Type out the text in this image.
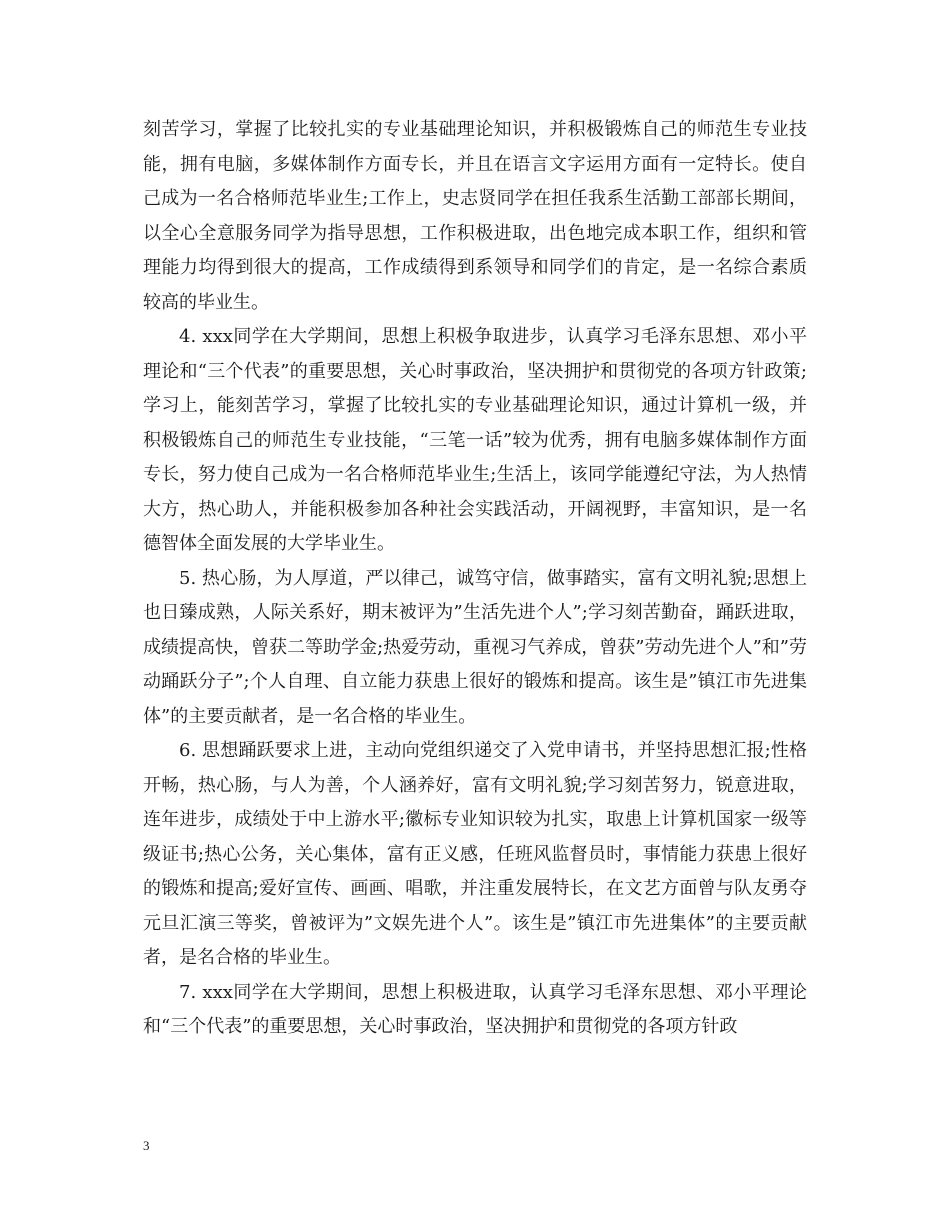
刻苦学习，掌握了比较扎实的专业基础理论知识，并积极锻炼自己的师范生专业技能，拥有电脑，多媒体制作方面专长，并且在语言文字运用方面有一定特长。使自己成为一名合格师范毕业生;工作上，史志贤同学在担任我系生活勤工部部长期间，以全心全意服务同学为指导思想，工作积极进取，出色地完成本职工作，组织和管理能力均得到很大的提高，工作成绩得到系领导和同学们的肯定，是一名综合素质较高的毕业生。

4. xxx同学在大学期间，思想上积极争取进步，认真学习毛泽东思想、邓小平理论和“三个代表”的重要思想，关心时事政治，坚决拥护和贯彻党的各项方针政策;学习上，能刻苦学习，掌握了比较扎实的专业基础理论知识，通过计算机一级，并积极锻炼自己的师范生专业技能，“三笔一话”较为优秀，拥有电脑多媒体制作方面专长，努力使自己成为一名合格师范毕业生;生活上，该同学能遵纪守法，为人热情大方，热心助人，并能积极参加各种社会实践活动，开阔视野，丰富知识，是一名德智体全面发展的大学毕业生。

5. 热心肠，为人厚道，严以律己，诚笃守信，做事踏实，富有文明礼貌;思想上也日臻成熟，人际关系好，期末被评为”生活先进个人”;学习刻苦勤奋，踊跃进取，成绩提高快，曾获二等助学金;热爱劳动，重视习气养成，曾获”劳动先进个人”和”劳动踊跃分子”;个人自理、自立能力获患上很好的锻炼和提高。该生是”镇江市先进集体”的主要贡献者，是一名合格的毕业生。

6. 思想踊跃要求上进，主动向党组织递交了入党申请书，并坚持思想汇报;性格开畅，热心肠，与人为善，个人涵养好，富有文明礼貌;学习刻苦努力，锐意进取，连年进步，成绩处于中上游水平;徽标专业知识较为扎实，取患上计算机国家一级等级证书;热心公务，关心集体，富有正义感，任班风监督员时，事情能力获患上很好的锻炼和提高;爱好宣传、画画、唱歌，并注重发展特长，在文艺方面曾与队友勇夺元旦汇演三等奖，曾被评为”文娱先进个人”。该生是”镇江市先进集体”的主要贡献者，是名合格的毕业生。

7. xxx同学在大学期间，思想上积极进取，认真学习毛泽东思想、邓小平理论和“三个代表”的重要思想，关心时事政治，坚决拥护和贯彻党的各项方针政

3
